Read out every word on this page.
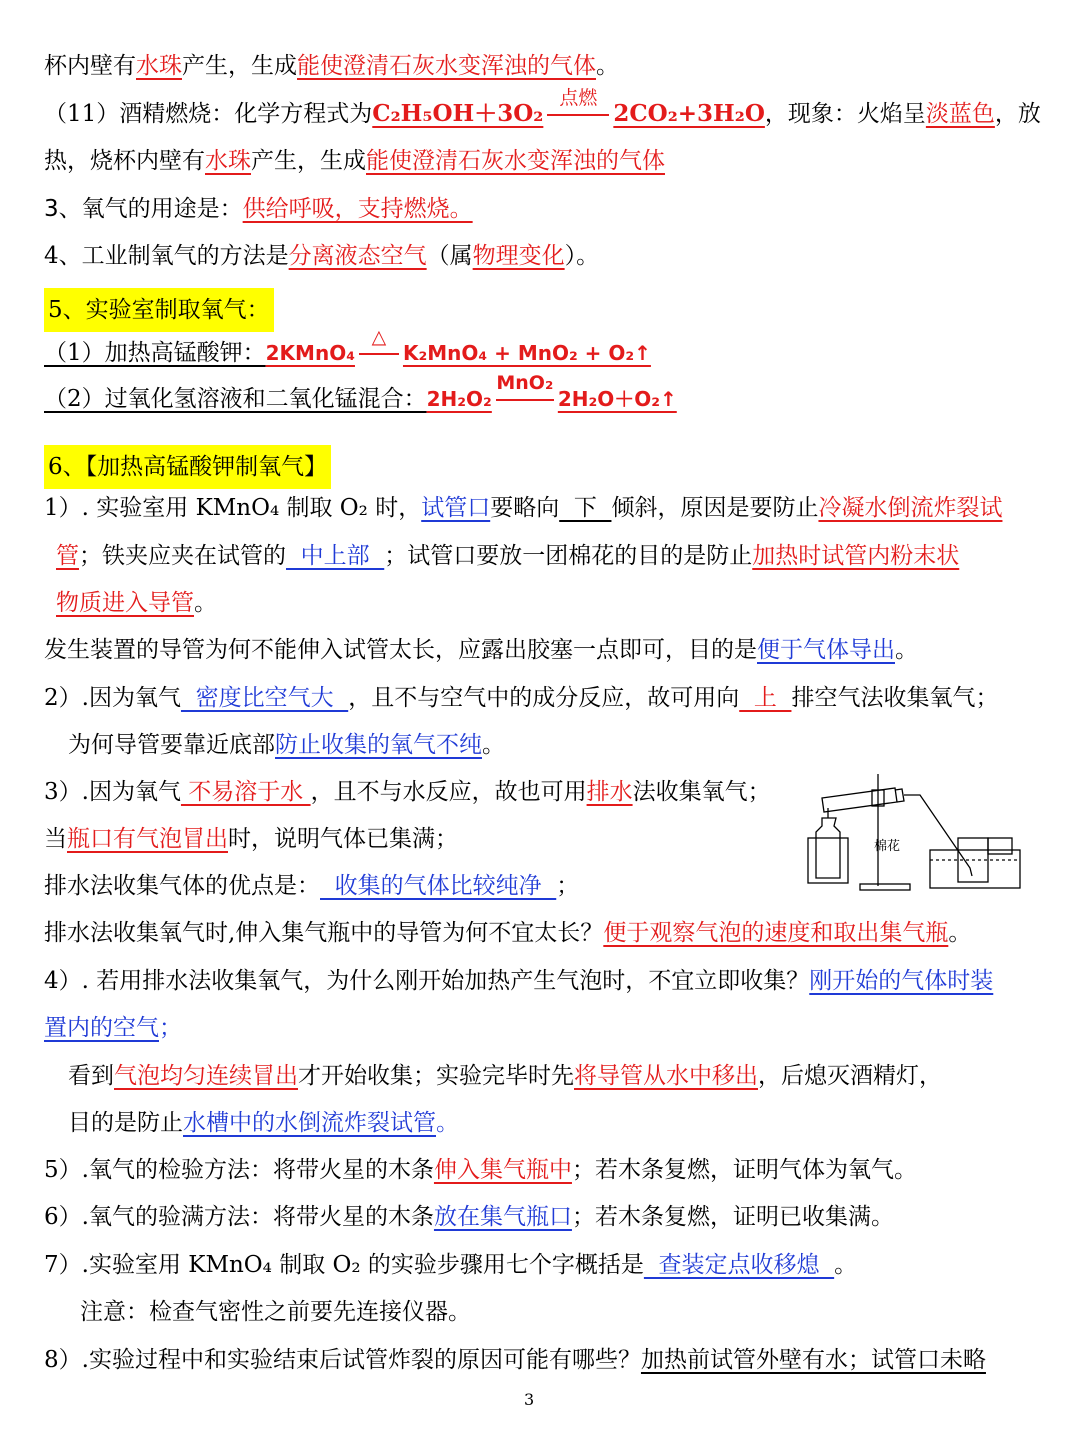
杯内壁有水珠产生，生成能使澄清石灰水变浑浊的气体。
（11）酒精燃烧：化学方程式为C₂H₅OH＋3O₂
点燃
2CO₂+3H₂O，现象：火焰呈淡蓝色，放
热，烧杯内壁有水珠产生，生成能使澄清石灰水变浑浊的气体
3、氧气的用途是：供给呼吸，支持燃烧。
4、工业制氧气的方法是分离液态空气（属物理变化）。
5、实验室制取氧气：
（1）加热高锰酸钾：2KMnO₄
△
K₂MnO₄ + MnO₂ + O₂↑
（2）过氧化氢溶液和二氧化锰混合：2H₂O₂
MnO₂
2H₂O＋O₂↑
6、【加热高锰酸钾制氧气】
1）. 实验室用 KMnO₄ 制取 O₂ 时，试管口要略向  下  倾斜，原因是要防止冷凝水倒流炸裂试
管；铁夹应夹在试管的  中上部  ；试管口要放一团棉花的目的是防止加热时试管内粉末状
物质进入导管。
发生装置的导管为何不能伸入试管太长，应露出胶塞一点即可，目的是便于气体导出。
2）.因为氧气  密度比空气大  ，且不与空气中的成分反应，故可用向  上  排空气法收集氧气；
为何导管要靠近底部防止收集的氧气不纯。
3）.因为氧气 不易溶于水 ，且不与水反应，故也可用排水法收集氧气；
当瓶口有气泡冒出时，说明气体已集满；
排水法收集气体的优点是：  收集的气体比较纯净  ；
排水法收集氧气时,伸入集气瓶中的导管为何不宜太长？便于观察气泡的速度和取出集气瓶。
4）. 若用排水法收集氧气，为什么刚开始加热产生气泡时，不宜立即收集？刚开始的气体时装
置内的空气；
看到气泡均匀连续冒出才开始收集；实验完毕时先将导管从水中移出，后熄灭酒精灯，
目的是防止水槽中的水倒流炸裂试管。
5）.氧气的检验方法：将带火星的木条伸入集气瓶中；若木条复燃，证明气体为氧气。
6）.氧气的验满方法：将带火星的木条放在集气瓶口；若木条复燃，证明已收集满。
7）.实验室用 KMnO₄ 制取 O₂ 的实验步骤用七个字概括是  查装定点收移熄  。
注意：检查气密性之前要先连接仪器。
8）.实验过程中和实验结束后试管炸裂的原因可能有哪些？加热前试管外壁有水；试管口未略
棉花
3
